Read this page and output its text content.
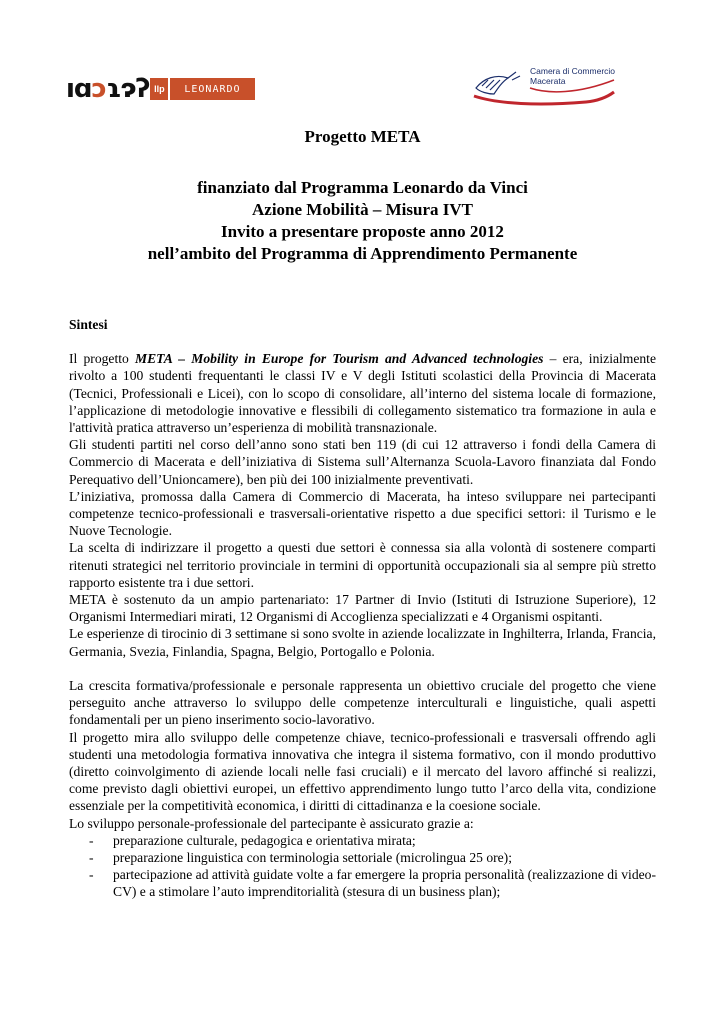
ı ɑ ɔ ɿ ɂ ʔ llp	LEONARDO
Camera di Commercio
Macerata
Progetto META
finanziato dal Programma Leonardo da Vinci
Azione Mobilità – Misura IVT
Invito a presentare proposte anno 2012
nell’ambito del Programma di Apprendimento Permanente

Sintesi

Il progetto META – Mobility in Europe for Tourism and Advanced technologies – era, inizialmente rivolto a 100 studenti frequentanti le classi IV e V degli Istituti scolastici della Provincia di Macerata (Tecnici, Professionali e Licei), con lo scopo di consolidare, all’interno del sistema locale di formazione, l’applicazione di metodologie innovative e flessibili di collegamento sistematico tra formazione in aula e l'attività pratica attraverso un’esperienza di mobilità transnazionale.

Gli studenti partiti nel corso dell’anno sono stati ben 119 (di cui 12 attraverso i fondi della Camera di Commercio di Macerata e dell’iniziativa di Sistema sull’Alternanza Scuola-Lavoro finanziata dal Fondo Perequativo dell’Unioncamere), ben più dei 100 inizialmente preventivati.

L’iniziativa, promossa dalla Camera di Commercio di Macerata, ha inteso sviluppare nei partecipanti competenze tecnico-professionali e trasversali-orientative rispetto a due specifici settori: il Turismo e le Nuove Tecnologie.

La scelta di indirizzare il progetto a questi due settori è connessa sia alla volontà di sostenere comparti ritenuti strategici nel territorio provinciale in termini di opportunità occupazionali sia al sempre più stretto rapporto esistente tra i due settori.

META è sostenuto da un ampio partenariato: 17 Partner di Invio (Istituti di Istruzione Superiore), 12 Organismi Intermediari mirati, 12 Organismi di Accoglienza specializzati e 4 Organismi ospitanti.

Le esperienze di tirocinio di 3 settimane si sono svolte in aziende localizzate in Inghilterra, Irlanda, Francia, Germania, Svezia, Finlandia, Spagna, Belgio, Portogallo e Polonia.

La crescita formativa/professionale e personale rappresenta un obiettivo cruciale del progetto che viene perseguito anche attraverso lo sviluppo delle competenze interculturali e linguistiche, quali aspetti fondamentali per un pieno inserimento socio-lavorativo.

Il progetto mira allo sviluppo delle competenze chiave, tecnico-professionali e trasversali offrendo agli studenti una metodologia formativa innovativa che integra il sistema formativo, con il mondo produttivo (diretto coinvolgimento di aziende locali nelle fasi cruciali) e il mercato del lavoro affinché si realizzi, come previsto dagli obiettivi europei, un effettivo apprendimento lungo tutto l’arco della vita, condizione essenziale per la competitività economica, i diritti di cittadinanza e la coesione sociale.

Lo sviluppo personale-professionale del partecipante è assicurato grazie a:

- preparazione culturale, pedagogica e orientativa mirata;
- preparazione linguistica con terminologia settoriale (microlingua 25 ore);
- partecipazione ad attività guidate volte a far emergere la propria personalità (realizzazione di video-CV) e a stimolare l’auto imprenditorialità (stesura di un business plan);
